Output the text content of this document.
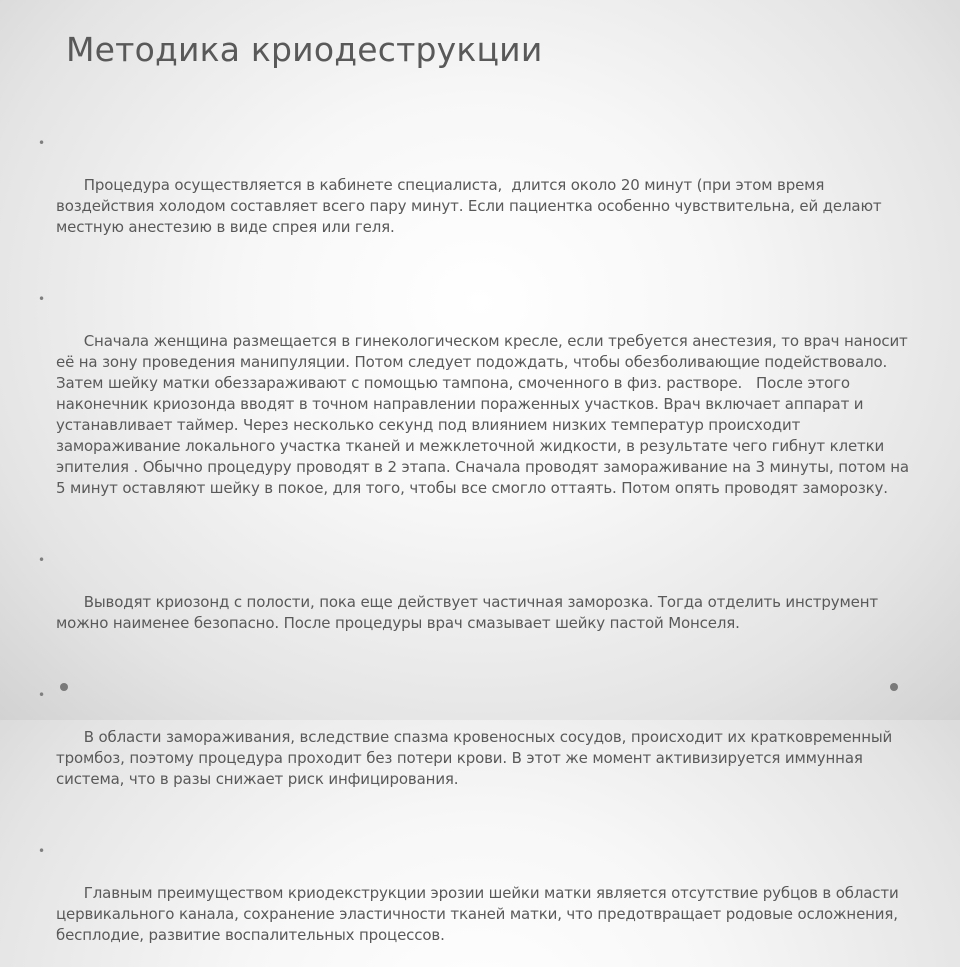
Методика криодеструкции

•

Процедура осуществляется в кабинете специалиста,  длится около 20 минут (при этом время воздействия холодом составляет всего пару минут. Если пациентка особенно чувствительна, ей делают местную анестезию в виде спрея или геля.

•

Сначала женщина размещается в гинекологическом кресле, если требуется анестезия, то врач наносит её на зону проведения манипуляции. Потом следует подождать, чтобы обезболивающие подействовало. Затем шейку матки обеззараживают с помощью тампона, смоченного в физ. растворе.   После этого наконечник криозонда вводят в точном направлении пораженных участков. Врач включает аппарат и устанавливает таймер. Через несколько секунд под влиянием низких температур происходит замораживание локального участка тканей и межклеточной жидкости, в результате чего гибнут клетки эпителия . Обычно процедуру проводят в 2 этапа. Сначала проводят замораживание на 3 минуты, потом на 5 минут оставляют шейку в покое, для того, чтобы все смогло оттаять. Потом опять проводят заморозку.

•

Выводят криозонд с полости, пока еще действует частичная заморозка. Тогда отделить инструмент можно наименее безопасно. После процедуры врач смазывает шейку пастой Монселя.

•

В области замораживания, вследствие спазма кровеносных сосудов, происходит их кратковременный тромбоз, поэтому процедура проходит без потери крови. В этот же момент активизируется иммунная система, что в разы снижает риск инфицирования.

•

Главным преимуществом криодекструкции эрозии шейки матки является отсутствие рубцов в области цервикального канала, сохранение эластичности тканей матки, что предотвращает родовые осложнения, бесплодие, развитие воспалительных процессов.
